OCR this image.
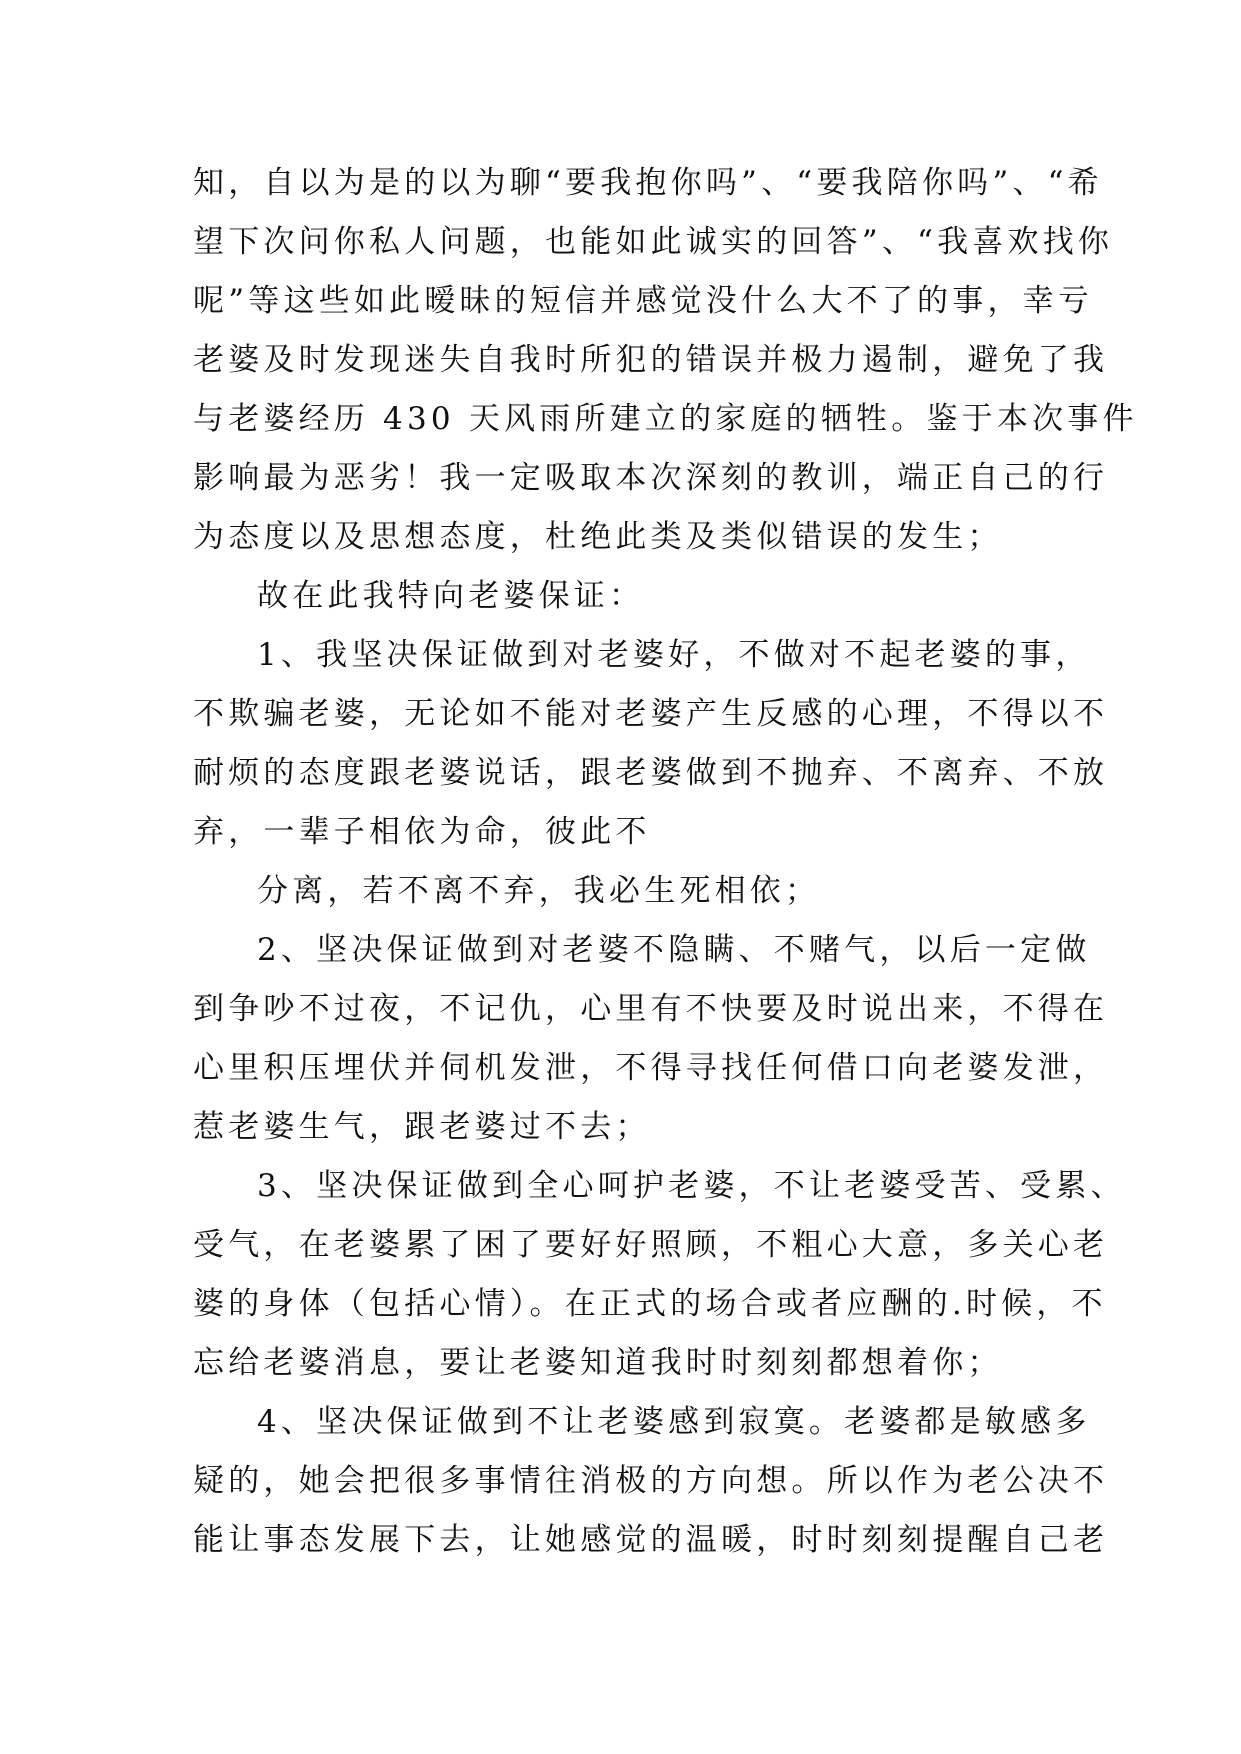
知，自以为是的以为聊“要我抱你吗”、“要我陪你吗”、“希
望下次问你私人问题，也能如此诚实的回答”、“我喜欢找你
呢”等这些如此暧昧的短信并感觉没什么大不了的事，幸亏
老婆及时发现迷失自我时所犯的错误并极力遏制，避免了我
与老婆经历 430 天风雨所建立的家庭的牺牲。鉴于本次事件
影响最为恶劣！我一定吸取本次深刻的教训，端正自己的行
为态度以及思想态度，杜绝此类及类似错误的发生；
故在此我特向老婆保证：
1、我坚决保证做到对老婆好，不做对不起老婆的事，
不欺骗老婆，无论如不能对老婆产生反感的心理，不得以不
耐烦的态度跟老婆说话，跟老婆做到不抛弃、不离弃、不放
弃，一辈子相依为命，彼此不
分离，若不离不弃，我必生死相依；
2、坚决保证做到对老婆不隐瞒、不赌气，以后一定做
到争吵不过夜，不记仇，心里有不快要及时说出来，不得在
心里积压埋伏并伺机发泄，不得寻找任何借口向老婆发泄，
惹老婆生气，跟老婆过不去；
3、坚决保证做到全心呵护老婆，不让老婆受苦、受累、
受气，在老婆累了困了要好好照顾，不粗心大意，多关心老
婆的身体（包括心情）。在正式的场合或者应酬的.时候，不
忘给老婆消息，要让老婆知道我时时刻刻都想着你；
4、坚决保证做到不让老婆感到寂寞。老婆都是敏感多
疑的，她会把很多事情往消极的方向想。所以作为老公决不
能让事态发展下去，让她感觉的温暖，时时刻刻提醒自己老
